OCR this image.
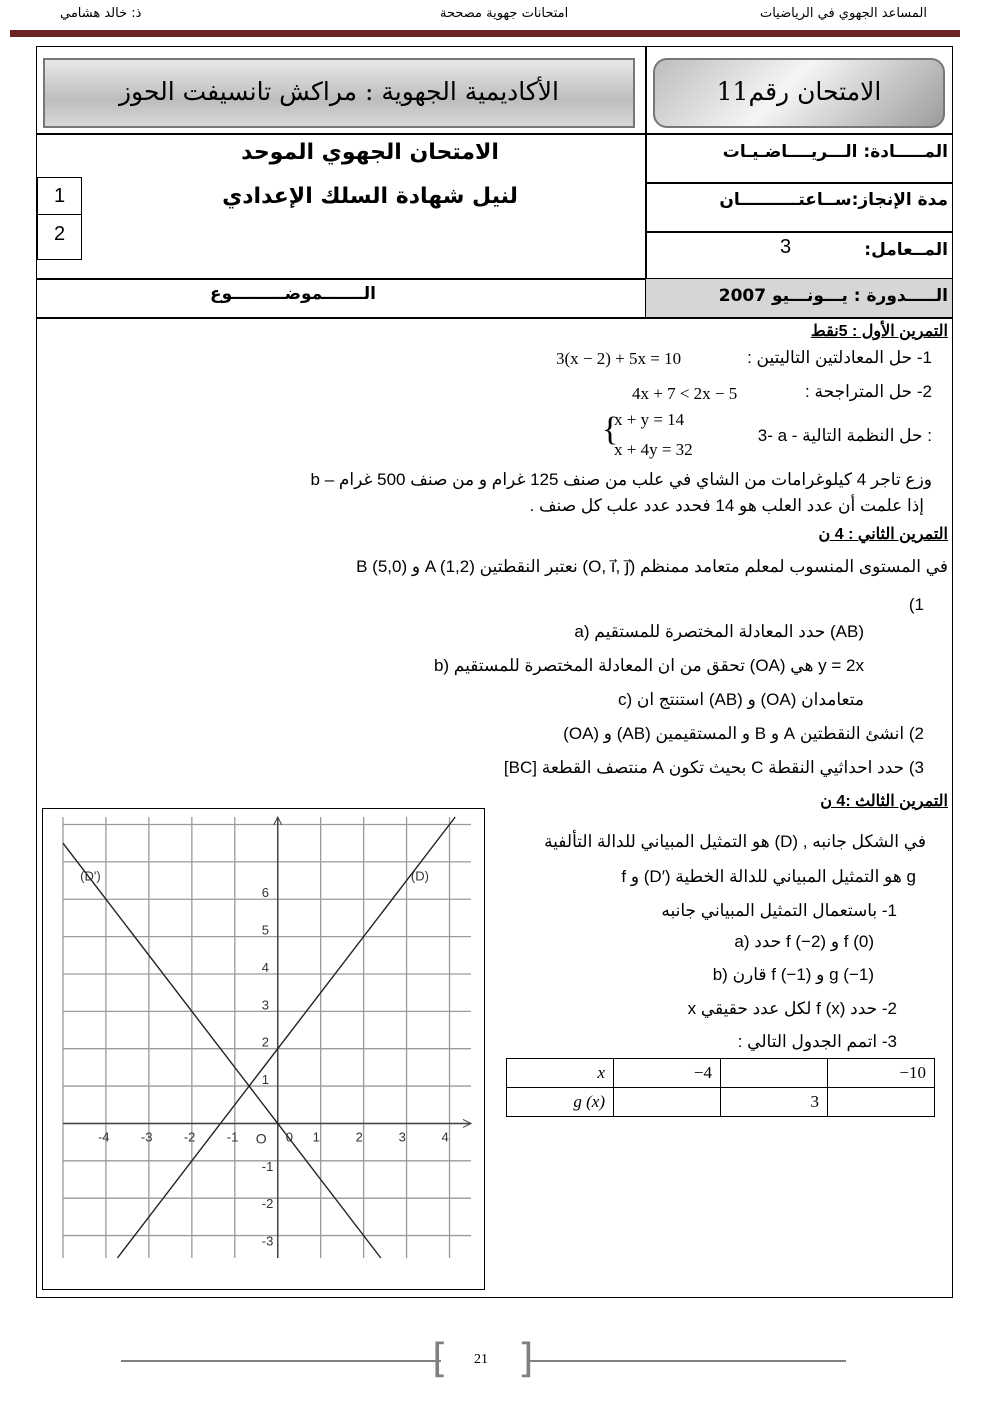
المساعد الجهوي في الرياضيات
امتحانات جهوية مصححة
ذ: خالد هشامي
الأكاديمية الجهوية : مراكش تانسيفت الحوز	الامتحان رقم11
الامتحان الجهوي الموحد
لنيل شهادة السلك الإعدادي
1
2
المـــــادة: الـــريــــاضـيـات
مدة الإنجاز:ســاعتــــــــــان
المــعامل:
3
الـــــدورة : يـــونـــيو 2007
الـــــــموضـــــــــوع
التمرين الأول : 5نقط
1- حل المعادلتين التاليتين :
3(x − 2) + 5x = 10
2- حل المتراجحة :
4x + 7 < 2x − 5
3- a - حل النظمة التالية :
{
x + y = 14
x + 4y = 32
b – وزع تاجر 4 كيلوغرامات من الشاي في علب من صنف 125 غرام و من صنف 500 غرام
إذا علمت أن عدد العلب هو 14 فحدد عدد علب كل صنف .
التمرين الثاني : 4 ن
في المستوى المنسوب لمعلم متعامد ممنظم (O, i⃗, j⃗) نعتبر النقطتين A (1,2) و B (5,0)
(1
a) حدد المعادلة المختصرة للمستقيم (AB)
b) تحقق من ان المعادلة المختصرة للمستقيم (OA) هي y = 2x
c) استنتج ان (AB) و (OA) متعامدان
2) انشئ النقطتين A و B و المستقيمين (AB) و (OA)
3) حدد احداثيي النقطة C بحيث تكون A منتصف القطعة [BC]
التمرين الثالث :4 ن
في الشكل جانبه , (D) هو التمثيل المبياني للدالة التألفية
f و (D′) هو التمثيل المبياني للدالة الخطية g
1- باستعمال التمثيل المبياني جانبه
a) حدد f (−2) و f (0)
b) قارن f (−1) و g (−1)
2- حدد f (x) لكل عدد حقيقي x
3- اتمم الجدول التالي :
x	−4		−10
g (x)		3	
-4 -3 -2 -1	0 1	2	3	4
-3
-2
-1
1
2
3
4
5
6
O
(D)
(D')
[ ]
21
